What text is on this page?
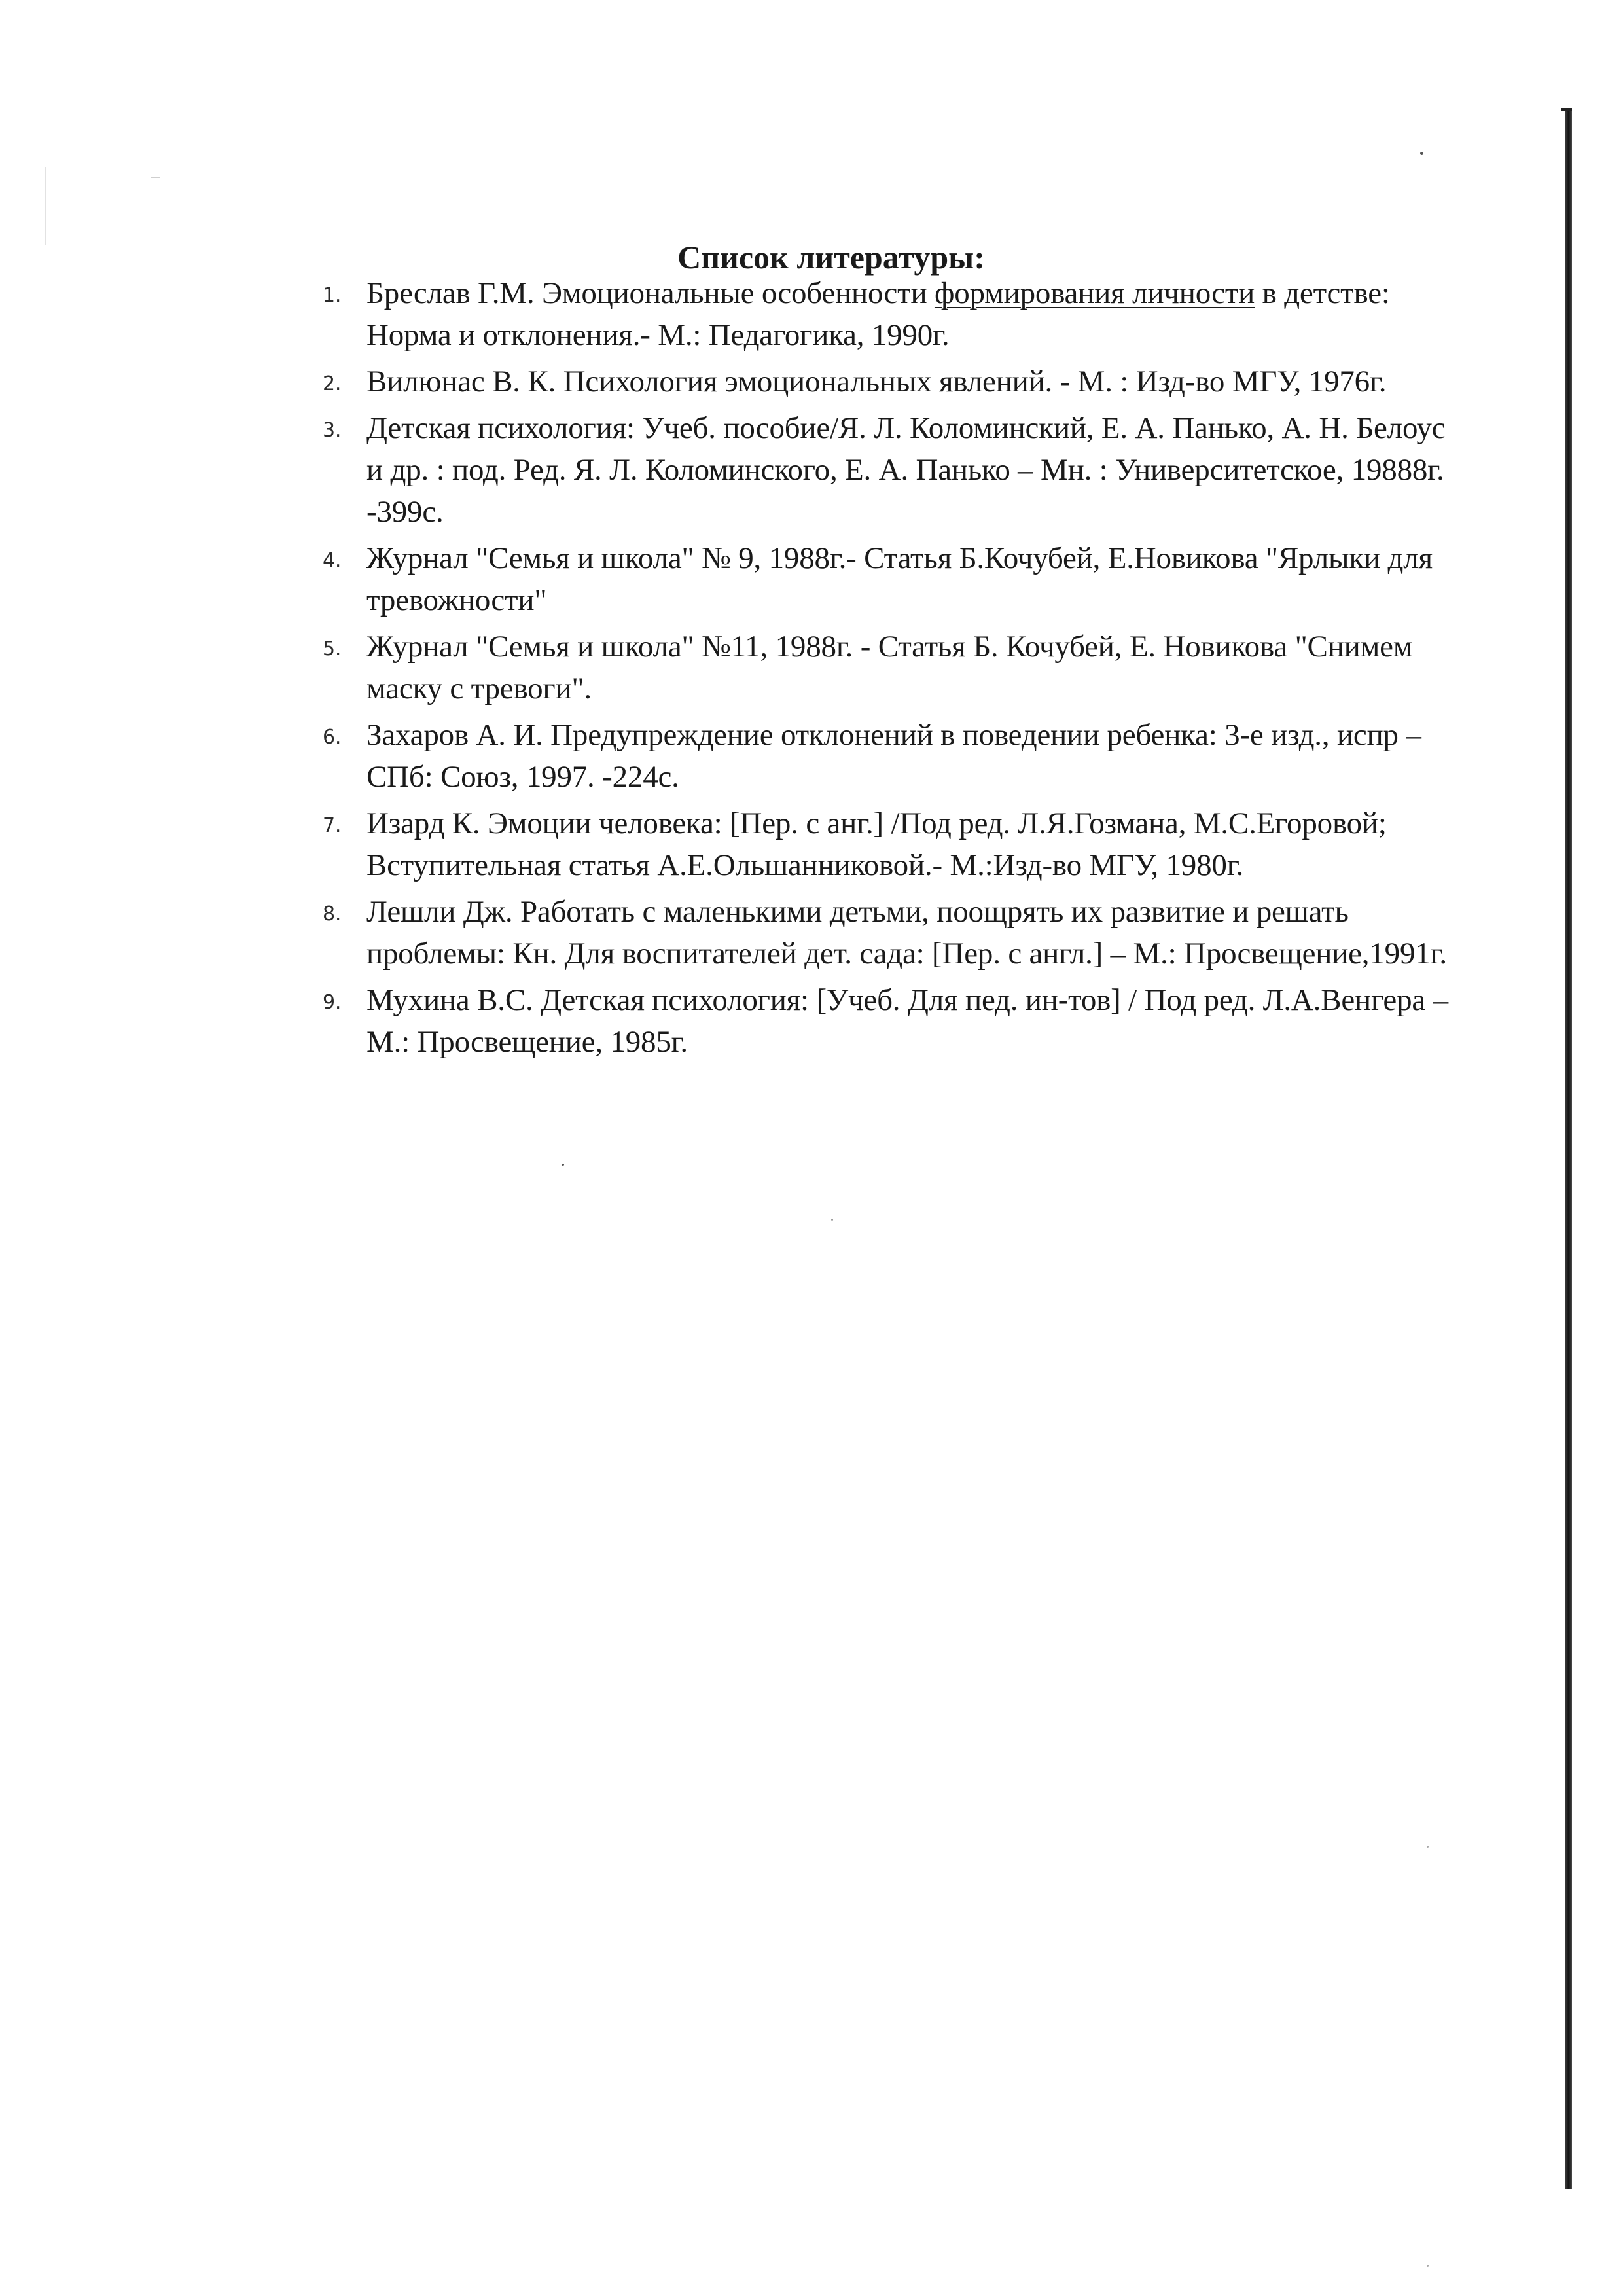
Список литературы:
1. Бреслав Г.М. Эмоциональные особенности формирования личности в детстве: Норма и отклонения.- М.: Педагогика, 1990г.
2. Вилюнас В. К. Психология эмоциональных явлений. - М. : Изд-во МГУ, 1976г.
3. Детская психология: Учеб. пособие/Я. Л. Коломинский, Е. А. Панько, А. Н. Белоус и др. : под. Ред. Я. Л. Коломинского, Е. А. Панько – Мн. : Университетское, 19888г. -399с.
4. Журнал "Семья и школа" № 9, 1988г.- Статья Б.Кочубей, Е.Новикова "Ярлыки для тревожности"
5. Журнал "Семья и школа" №11, 1988г. - Статья Б. Кочубей, Е. Новикова "Снимем маску с тревоги".
6. Захаров А. И. Предупреждение отклонений в поведении ребенка: 3-е изд., испр – СПб: Союз, 1997. -224с.
7. Изард К. Эмоции человека: [Пер. с анг.] /Под ред. Л.Я.Гозмана, М.С.Егоровой; Вступительная статья А.Е.Ольшанниковой.- М.:Изд-во МГУ, 1980г.
8. Лешли Дж. Работать с маленькими детьми, поощрять их развитие и решать проблемы: Кн. Для воспитателей дет. сада: [Пер. с англ.] – М.: Просвещение,1991г.
9. Мухина В.С. Детская психология: [Учеб. Для пед. ин-тов] / Под ред. Л.А.Венгера – М.: Просвещение, 1985г.
